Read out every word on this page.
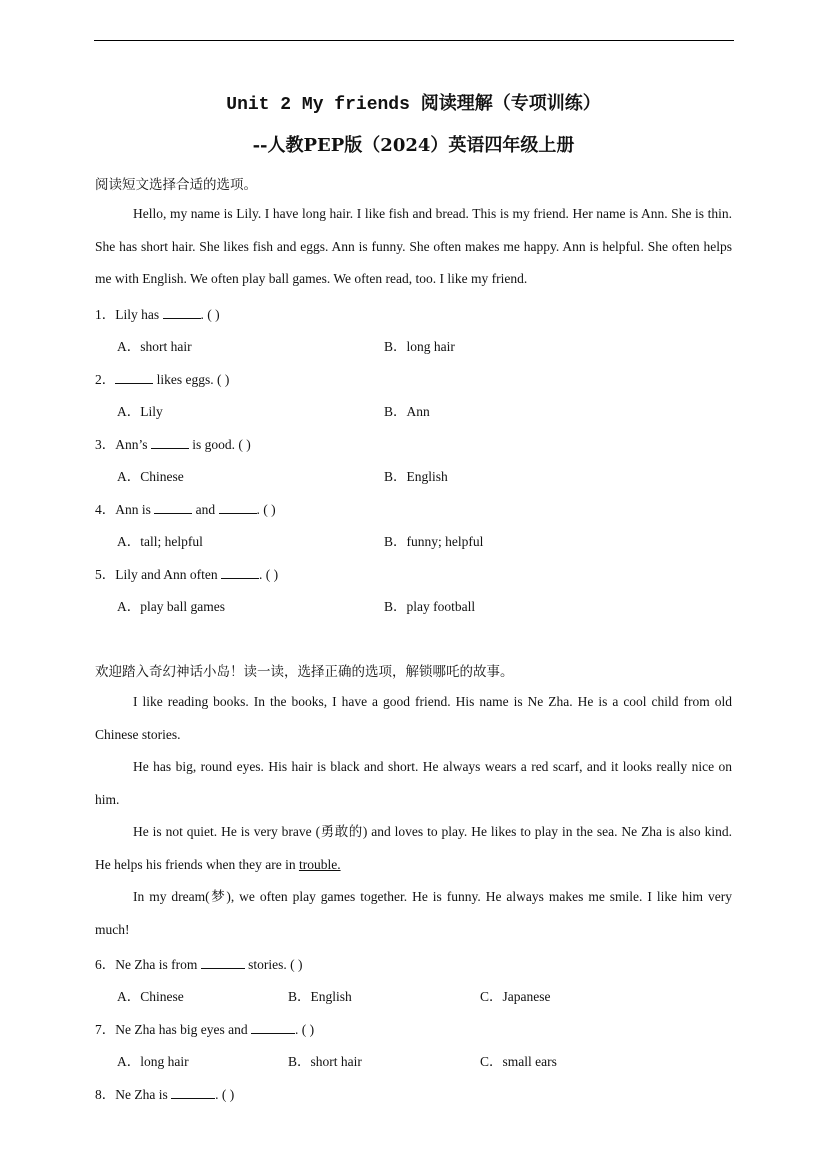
Unit 2 My friends 阅读理解（专项训练）
--人教PEP版（2024）英语四年级上册
阅读短文选择合适的选项。
Hello, my name is Lily. I have long hair. I like fish and bread. This is my friend. Her name is Ann. She is thin. She has short hair. She likes fish and eggs. Ann is funny. She often makes me happy. Ann is helpful. She often helps me with English. We often play ball games. We often read, too. I like my friend.
1．Lily has	. ( )
A．short hair	B．long hair
2．	likes eggs. ( )
A．Lily	B．Ann
3．Ann’s	is good. ( )
A．Chinese	B．English
4．Ann is	and	. ( )
A．tall; helpful	B．funny; helpful
5．Lily and Ann often	. ( )
A．play ball games	B．play football
欢迎踏入奇幻神话小岛！读一读，选择正确的选项，解锁哪吒的故事。
I like reading books. In the books, I have a good friend. His name is Ne Zha. He is a cool child from old Chinese stories.
He has big, round eyes. His hair is black and short. He always wears a red scarf, and it looks really nice on him.
He is not quiet. He is very brave (勇敢的) and loves to play. He likes to play in the sea. Ne Zha is also kind. He helps his friends when they are in trouble.
In my dream(梦), we often play games together. He is funny. He always makes me smile. I like him very much!
6．Ne Zha is from	stories. ( )
A．Chinese	B．English	C．Japanese
7．Ne Zha has big eyes and	. ( )
A．long hair	B．short hair	C．small ears
8．Ne Zha is	. ( )
